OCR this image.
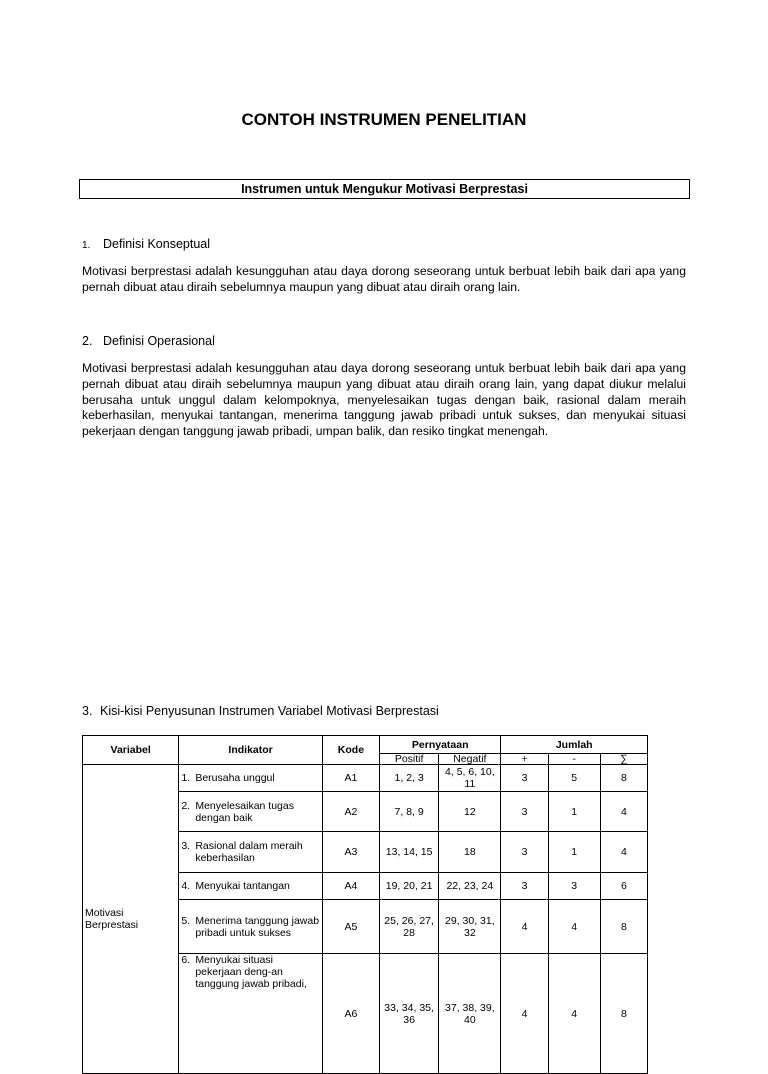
CONTOH INSTRUMEN PENELITIAN
Instrumen untuk Mengukur Motivasi Berprestasi
1. Definisi Konseptual

Motivasi berprestasi adalah kesungguhan atau daya dorong seseorang untuk berbuat lebih baik dari apa yang pernah dibuat atau diraih sebelumnya maupun yang dibuat atau diraih orang lain.

2. Definisi Operasional

Motivasi berprestasi adalah kesungguhan atau daya dorong seseorang untuk berbuat lebih baik dari apa yang pernah dibuat atau diraih sebelumnya maupun yang dibuat atau diraih orang lain, yang dapat diukur melalui berusaha untuk unggul dalam kelompoknya, menyelesaikan tugas dengan baik, rasional dalam meraih keberhasilan, menyukai tantangan, menerima tanggung jawab pribadi untuk sukses, dan menyukai situasi pekerjaan dengan tanggung jawab pribadi, umpan balik, dan resiko tingkat menengah.

3. Kisi-kisi Penyusunan Instrumen Variabel Motivasi Berprestasi
Variabel	Indikator	Kode	Pernyataan		Jumlah		
			Positif	Negatif	+	-	∑
Motivasi Berprestasi	1. Berusaha unggul	A1	1, 2, 3	4, 5, 6, 10, 11	3	5	8

	2. Menyelesaikan tugas dengan baik	A2	7, 8, 9	12	3	1	4

	3. Rasional dalam meraih keberhasilan	A3	13, 14, 15	18	3	1	4

	4. Menyukai tantangan	A4	19, 20, 21	22, 23, 24	3	3	6

	5. Menerima tanggung jawab pribadi untuk sukses	A5	25, 26, 27, 28	29, 30, 31, 32	4	4	8

	6. Menyukai situasi pekerjaan deng-an tanggung jawab pribadi,	A6	33, 34, 35, 36	37, 38, 39, 40	4	4	8
